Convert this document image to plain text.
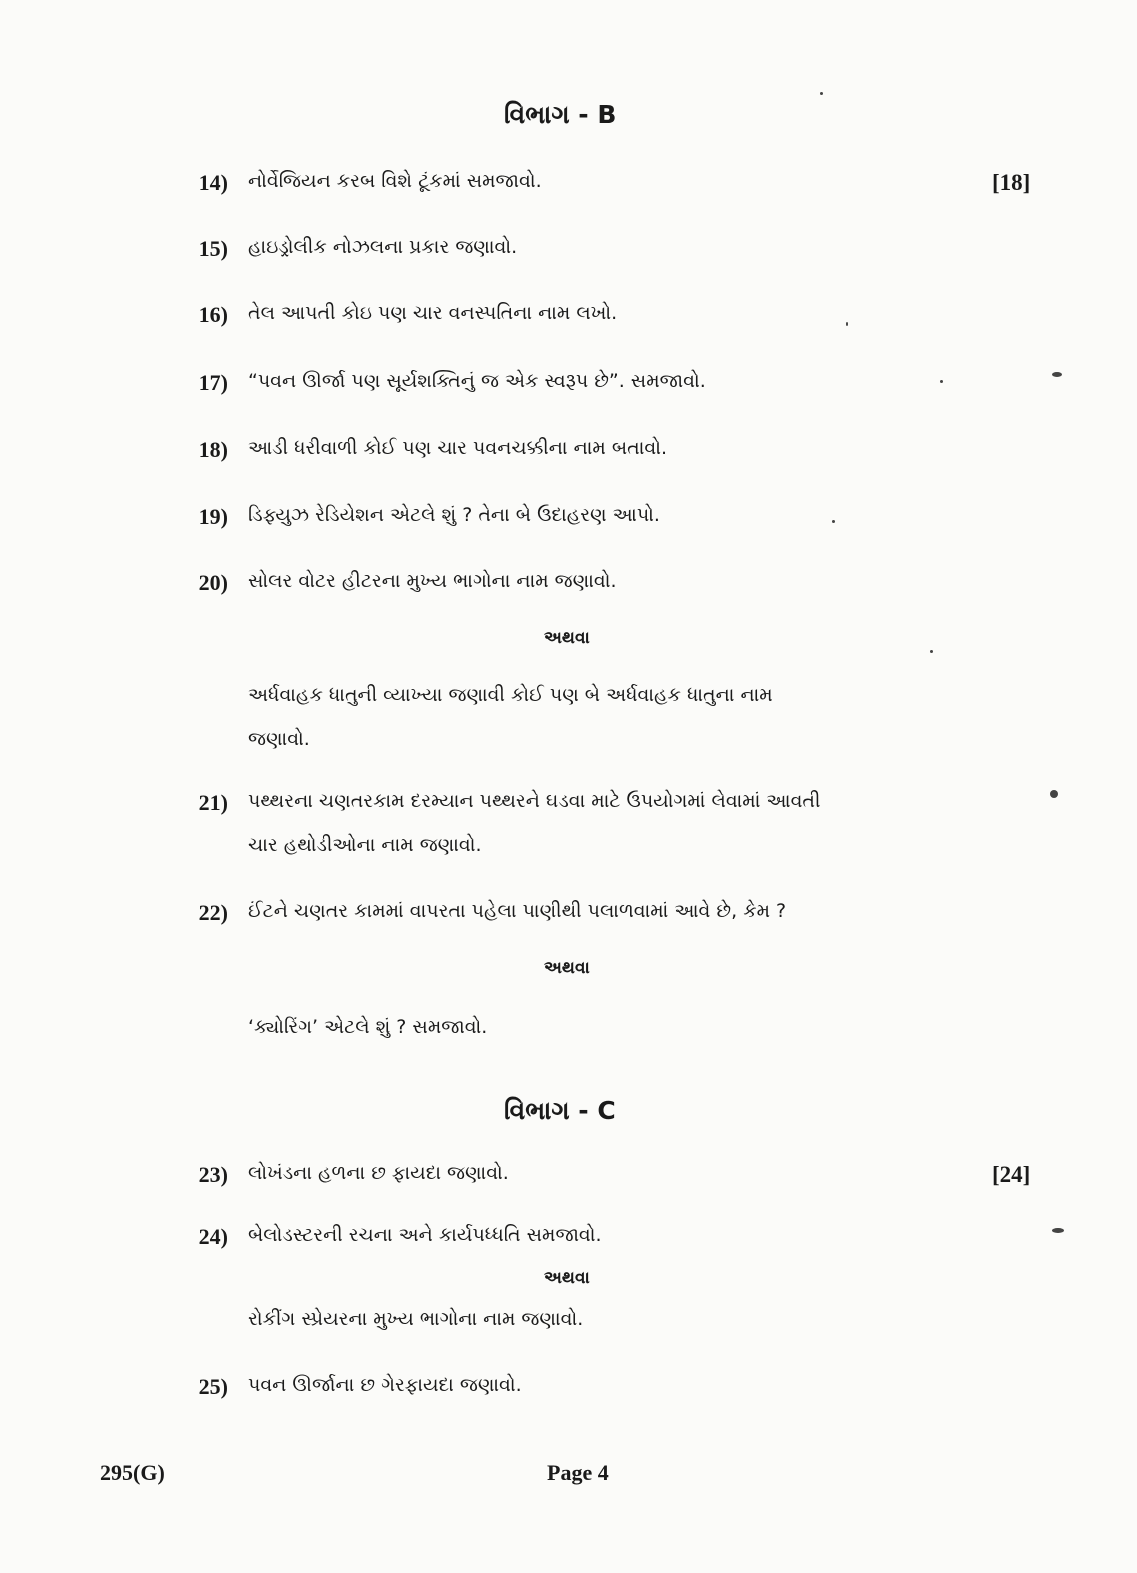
વિભાગ - B
[18]
14) નોર્વેજિયન કરબ વિશે ટૂંકમાં સમજાવો.
15) હાઇડ્રોલીક નોઝલના પ્રકાર જણાવો.
16) તેલ આપતી કોઇ પણ ચાર વનસ્પતિના નામ લખો.
17) “પવન ઊર્જા પણ સૂર્યશક્તિનું જ એક સ્વરૂપ છે”. સમજાવો.
18) આડી ધરીવાળી કોઈ પણ ચાર પવનચક્કીના નામ બતાવો.
19) ડિફ્યુઝ રેડિયેશન એટલે શું ? તેના બે ઉદાહરણ આપો.
20) સોલર વોટર હીટરના મુખ્ય ભાગોના નામ જણાવો.
અથવા
અર્ધવાહક ધાતુની વ્યાખ્યા જણાવી કોઈ પણ બે અર્ધવાહક ધાતુના નામ
જણાવો.
21) પથ્થરના ચણતરકામ દરમ્યાન પથ્થરને ઘડવા માટે ઉપયોગમાં લેવામાં આવતી
ચાર હથોડીઓના નામ જણાવો.
22) ઈંટને ચણતર કામમાં વાપરતા પહેલા પાણીથી પલાળવામાં આવે છે, કેમ ?
અથવા
‘ક્યોરિંગ’ એટલે શું ? સમજાવો.
વિભાગ - C
[24]
23) લોખંડના હળના છ ફાયદા જણાવો.
24) બેલોડસ્ટરની રચના અને કાર્યપધ્ધતિ સમજાવો.
અથવા
રોકીંગ સ્પ્રેયરના મુખ્ય ભાગોના નામ જણાવો.
25) પવન ઊર્જાના છ ગેરફાયદા જણાવો.
295(G)	Page 4
